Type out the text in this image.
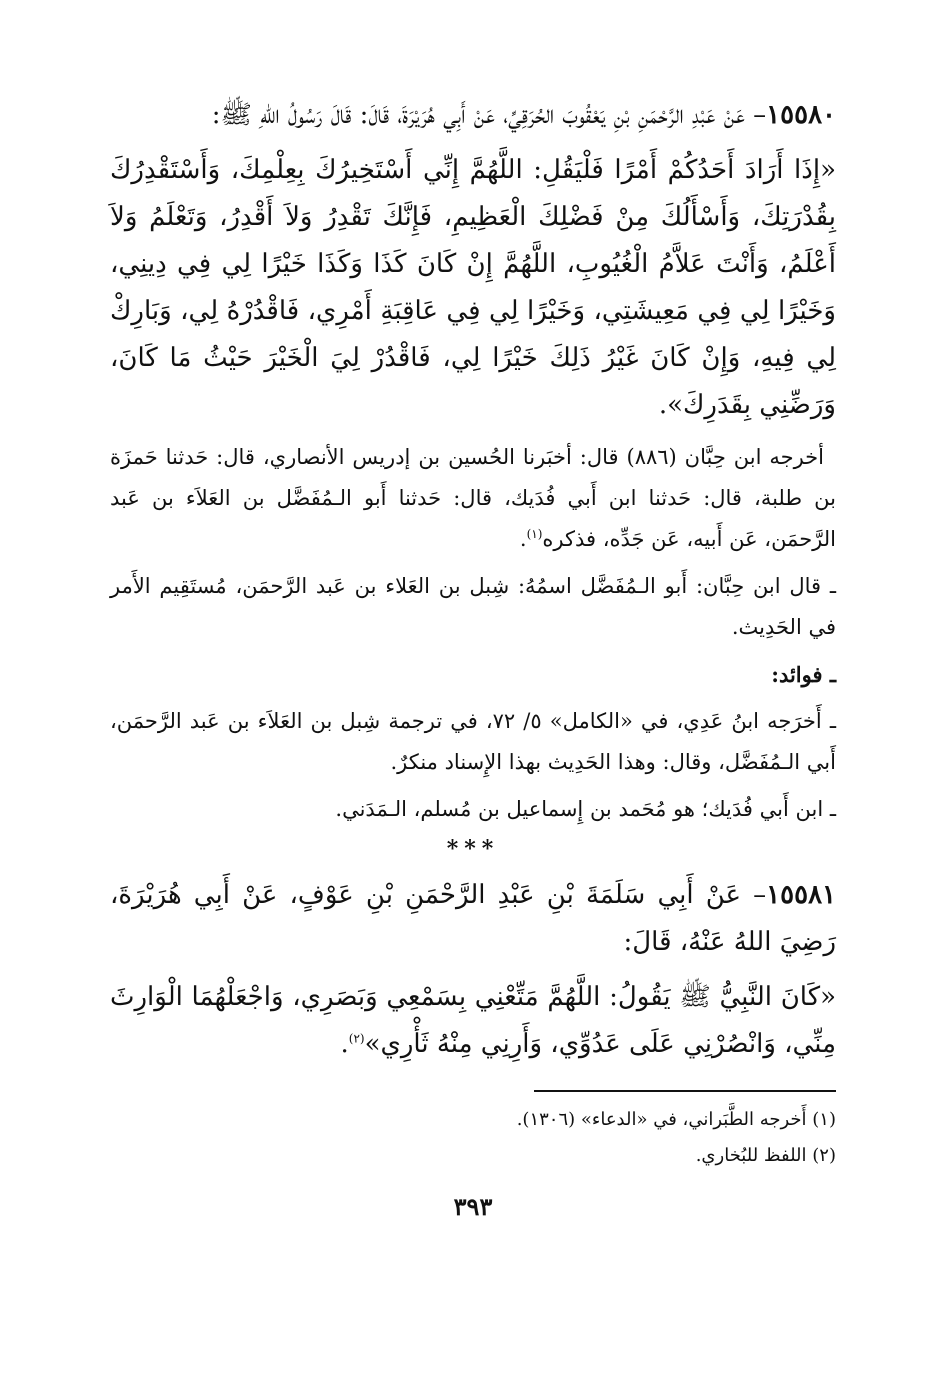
١٥٥٨٠– عَنْ عَبْدِ الرَّحْمَنِ بْنِ يَعْقُوبَ الحُرَقِيِّ، عَنْ أَبِي هُرَيْرَةَ، قَالَ: قَالَ رَسُولُ اللهِ ﷺ:

«إِذَا أَرَادَ أَحَدُكُمْ أَمْرًا فَلْيَقُلِ: اللَّهُمَّ إِنِّي أَسْتَخِيرُكَ بِعِلْمِكَ، وَأَسْتَقْدِرُكَ بِقُدْرَتِكَ، وَأَسْأَلُكَ مِنْ فَضْلِكَ الْعَظِيمِ، فَإِنَّكَ تَقْدِرُ وَلاَ أَقْدِرُ، وَتَعْلَمُ وَلاَ أَعْلَمُ، وَأَنْتَ عَلاَّمُ الْغُيُوبِ، اللَّهُمَّ إِنْ كَانَ كَذَا وَكَذَا خَيْرًا لِي فِي دِينِي، وَخَيْرًا لِي فِي مَعِيشَتِي، وَخَيْرًا لِي فِي عَاقِبَةِ أَمْرِي، فَاقْدُرْهُ لِي، وَبَارِكْ لِي فِيهِ، وَإِنْ كَانَ غَيْرُ ذَلِكَ خَيْرًا لِي، فَاقْدُرْ لِيَ الْخَيْرَ حَيْثُ مَا كَانَ، وَرَضِّنِي بِقَدَرِكَ».

أخرجه ابن حِبَّان (٨٨٦) قال: أخبَرنا الحُسين بن إدريس الأنصاري، قال: حَدثنا حَمزَة بن طلبة، قال: حَدثنا ابن أَبي فُدَيك، قال: حَدثنا أَبو الـمُفَضَّل بن العَلاَء بن عَبد الرَّحمَن، عَن أَبيه، عَن جَدِّه، فذكره$^{(١)}$.

ـ قال ابن حِبَّان: أَبو الـمُفَضَّل اسمُهُ: شِبل بن العَلاء بن عَبد الرَّحمَن، مُستَقِيم الأَمر في الحَدِيث.

ـ فوائد:

ـ أَخرَجه ابنُ عَدِي، في «الكامل» ٥/ ٧٢، في ترجمة شِبل بن العَلاَء بن عَبد الرَّحمَن، أَبي الـمُفَضَّل، وقال: وهذا الحَدِيث بهذا الإِسناد منكرٌ.

ـ ابن أَبي فُدَيك؛ هو مُحَمد بن إِسماعيل بن مُسلم، الـمَدَني.

***

١٥٥٨١– عَنْ أَبِي سَلَمَةَ بْنِ عَبْدِ الرَّحْمَنِ بْنِ عَوْفٍ، عَنْ أَبِي هُرَيْرَةَ، رَضِيَ اللهُ عَنْهُ، قَالَ:

«كَانَ النَّبِيُّ ﷺ يَقُولُ: اللَّهُمَّ مَتِّعْنِي بِسَمْعِي وَبَصَرِي، وَاجْعَلْهُمَا الْوَارِثَ مِنِّي، وَانْصُرْنِي عَلَى عَدُوِّي، وَأَرِنِي مِنْهُ ثَأْرِي»$^{(٢)}$.

(١) أَخرجه الطَّبَراني، في «الدعاء» (١٣٠٦).

(٢) اللفظ للبُخاري.

٣٩٣
